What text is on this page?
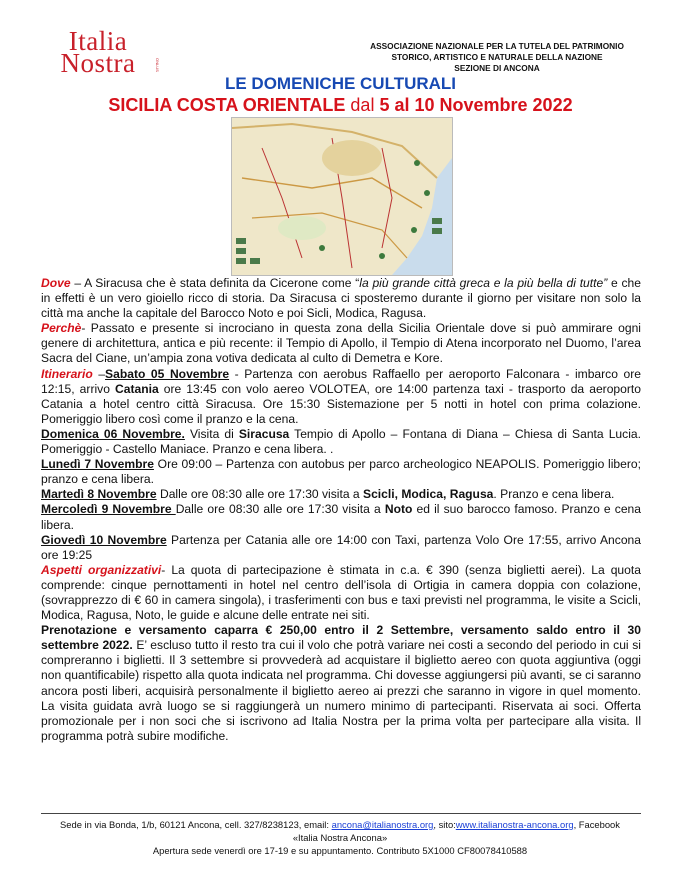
Italia
Nostra	ONLUS
ASSOCIAZIONE NAZIONALE PER LA TUTELA DEL PATRIMONIO
STORICO, ARTISTICO E NATURALE DELLA NAZIONE
SEZIONE DI ANCONA
LE DOMENICHE CULTURALI
SICILIA COSTA ORIENTALE dal 5 al 10 Novembre 2022

Dove – A Siracusa che è stata definita da Cicerone come “la più grande città greca e la più bella di tutte” e che in effetti è un vero gioiello ricco di storia. Da Siracusa ci sposteremo durante il giorno per visitare non solo la città ma anche la capitale del Barocco Noto e poi Sicli, Modica, Ragusa.

Perchè- Passato e presente si incrociano in questa zona della Sicilia Orientale dove si può ammirare ogni genere di architettura, antica e più recente: il Tempio di Apollo, il Tempio di Atena incorporato nel Duomo, l’area Sacra del Ciane, un’ampia zona votiva dedicata al culto di Demetra e Kore.

Itinerario –Sabato 05 Novembre - Partenza con aerobus Raffaello per aeroporto Falconara - imbarco ore 12:15, arrivo Catania ore 13:45 con volo aereo VOLOTEA, ore 14:00 partenza taxi - trasporto da aeroporto Catania a hotel centro città Siracusa. Ore 15:30 Sistemazione per 5 notti in hotel con prima colazione. Pomeriggio libero così come il pranzo e la cena.

Domenica 06 Novembre. Visita di Siracusa Tempio di Apollo – Fontana di Diana – Chiesa di Santa Lucia. Pomeriggio - Castello Maniace. Pranzo e cena libera. .

Lunedì 7 Novembre Ore 09:00 – Partenza con autobus per parco archeologico NEAPOLIS. Pomeriggio libero; pranzo e cena libera.

Martedì 8 Novembre Dalle ore 08:30 alle ore 17:30 visita a Scicli, Modica, Ragusa. Pranzo e cena libera.

Mercoledì 9 Novembre Dalle ore 08:30 alle ore 17:30 visita a Noto ed il suo barocco famoso. Pranzo e cena libera.

Giovedì 10 Novembre Partenza per Catania alle ore 14:00 con Taxi, partenza Volo Ore 17:55, arrivo Ancona ore 19:25

Aspetti organizzativi- La quota di partecipazione è stimata in c.a. € 390 (senza biglietti aerei). La quota comprende: cinque pernottamenti in hotel nel centro dell’isola di Ortigia in camera doppia con colazione, (sovrapprezzo di € 60 in camera singola), i trasferimenti con bus e taxi previsti nel programma, le visite a Scicli, Modica, Ragusa, Noto, le guide e alcune delle entrate nei siti.

Prenotazione e versamento caparra € 250,00 entro il 2 Settembre, versamento saldo entro il 30 settembre 2022. E’ escluso tutto il resto tra cui il volo che potrà variare nei costi a secondo del periodo in cui si compreranno i biglietti. Il 3 settembre si provvederà ad acquistare il biglietto aereo con quota aggiuntiva (oggi non quantificabile) rispetto alla quota indicata nel programma. Chi dovesse aggiungersi più avanti, se ci saranno ancora posti liberi, acquisirà personalmente il biglietto aereo ai prezzi che saranno in vigore in quel momento. La visita guidata avrà luogo se si raggiungerà un numero minimo di partecipanti. Riservata ai soci. Offerta promozionale per i non soci che si iscrivono ad Italia Nostra per la prima volta per partecipare alla visita. Il programma potrà subire modifiche.

Sede in via Bonda, 1/b, 60121 Ancona, cell. 327/8238123, email: ancona@italianostra.org, sito:www.italianostra-ancona.org, Facebook «Italia Nostra Ancona»
Apertura sede venerdì ore 17-19 e su appuntamento. Contributo 5X1000 CF80078410588
